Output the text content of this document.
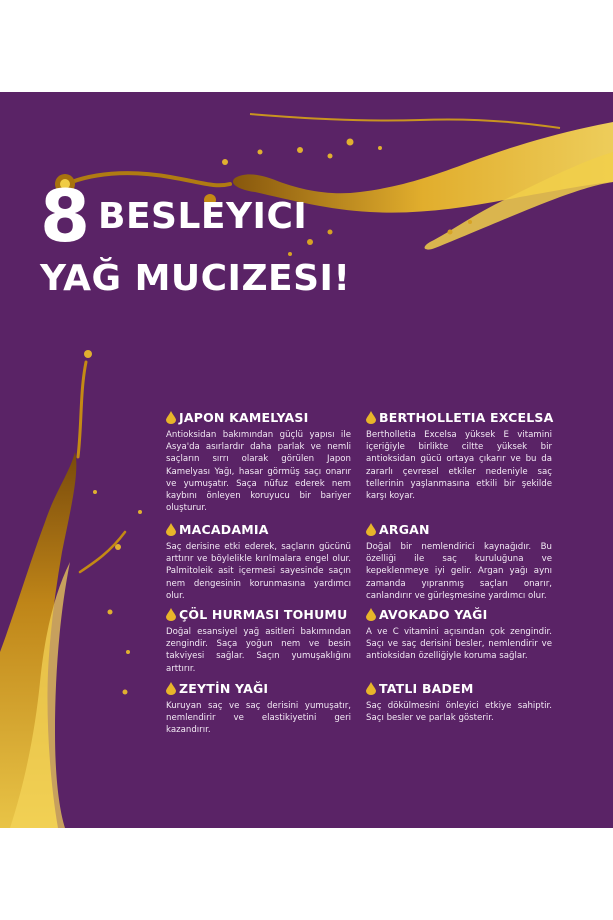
8 BESLEYICI
YAĞ MUCIZESI!
JAPON KAMELYASI

Antioksidan bakımından güçlü yapısı ile Asya'da asırlardır daha parlak ve nemli saçların sırrı olarak görülen Japon Kamelyası Yağı, hasar görmüş saçı onarır ve yumuşatır. Saça nüfuz ederek nem kaybını önleyen koruyucu bir bariyer oluşturur.

MACADAMIA

Saç derisine etki ederek, saçların gücünü arttırır ve böylelikle kırılmalara engel olur. Palmitoleik asit içermesi sayesinde saçın nem dengesinin korunmasına yardımcı olur.

ÇÖL HURMASI TOHUMU

Doğal esansiyel yağ asitleri bakımından zengindir. Saça yoğun nem ve besin takviyesi sağlar. Saçın yumuşaklığını arttırır.

ZEYTİN YAĞI

Kuruyan saç ve saç derisini yumuşatır, nemlendirir ve elastikiyetini geri kazandırır.

BERTHOLLETIA EXCELSA

Bertholletia Excelsa yüksek E vitamini içeriğiyle birlikte ciltte yüksek bir antioksidan gücü ortaya çıkarır ve bu da zararlı çevresel etkiler nedeniyle saç tellerinin yaşlanmasına etkili bir şekilde karşı koyar.

ARGAN

Doğal bir nemlendirici kaynağıdır. Bu özelliği ile saç kuruluğuna ve kepeklenmeye iyi gelir. Argan yağı aynı zamanda yıpranmış saçları onarır, canlandırır ve gürleşmesine yardımcı olur.

AVOKADO YAĞI

A ve C vitamini açısından çok zengindir. Saçı ve saç derisini besler, nemlendirir ve antioksidan özelliğiyle koruma sağlar.

TATLI BADEM

Saç dökülmesini önleyici etkiye sahiptir. Saçı besler ve parlak gösterir.
